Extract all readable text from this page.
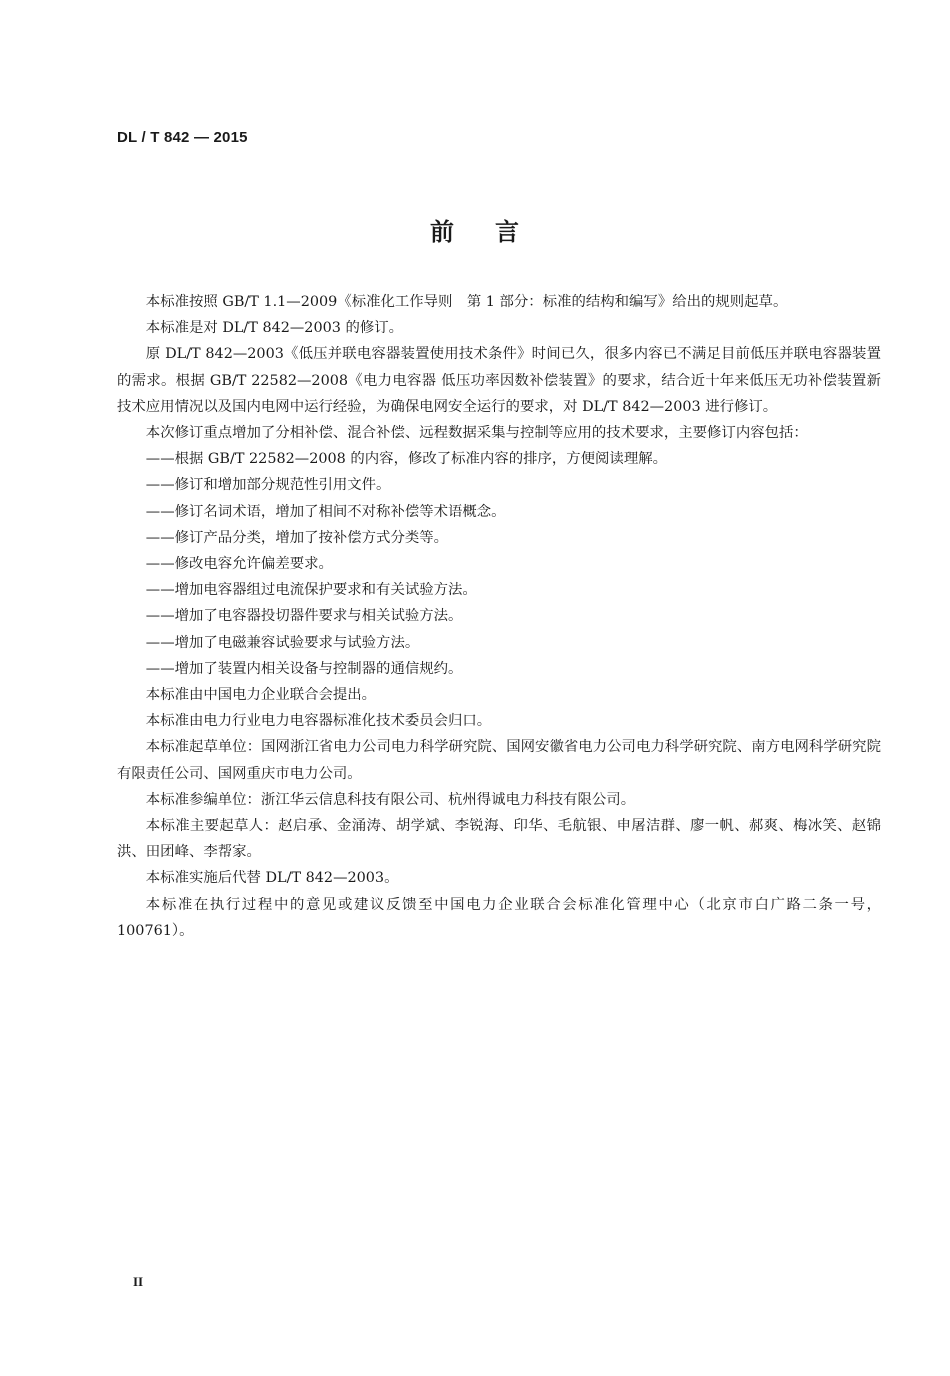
DL / T 842 — 2015
前 言

本标准按照 GB/T 1.1—2009《标准化工作导则　第 1 部分：标准的结构和编写》给出的规则起草。

本标准是对 DL/T 842—2003 的修订。

原 DL/T 842—2003《低压并联电容器装置使用技术条件》时间已久，很多内容已不满足目前低压并联电容器装置的需求。根据 GB/T 22582—2008《电力电容器 低压功率因数补偿装置》的要求，结合近十年来低压无功补偿装置新技术应用情况以及国内电网中运行经验，为确保电网安全运行的要求，对 DL/T 842—2003 进行修订。

本次修订重点增加了分相补偿、混合补偿、远程数据采集与控制等应用的技术要求，主要修订内容包括：

——根据 GB/T 22582—2008 的内容，修改了标准内容的排序，方便阅读理解。

——修订和增加部分规范性引用文件。

——修订名词术语，增加了相间不对称补偿等术语概念。

——修订产品分类，增加了按补偿方式分类等。

——修改电容允许偏差要求。

——增加电容器组过电流保护要求和有关试验方法。

——增加了电容器投切器件要求与相关试验方法。

——增加了电磁兼容试验要求与试验方法。

——增加了装置内相关设备与控制器的通信规约。

本标准由中国电力企业联合会提出。

本标准由电力行业电力电容器标准化技术委员会归口。

本标准起草单位：国网浙江省电力公司电力科学研究院、国网安徽省电力公司电力科学研究院、南方电网科学研究院有限责任公司、国网重庆市电力公司。

本标准参编单位：浙江华云信息科技有限公司、杭州得诚电力科技有限公司。

本标准主要起草人：赵启承、金涌涛、胡学斌、李锐海、印华、毛航银、申屠洁群、廖一帆、郝爽、梅冰笑、赵锦洪、田团峰、李帮家。

本标准实施后代替 DL/T 842—2003。

本标准在执行过程中的意见或建议反馈至中国电力企业联合会标准化管理中心（北京市白广路二条一号，100761）。

II
